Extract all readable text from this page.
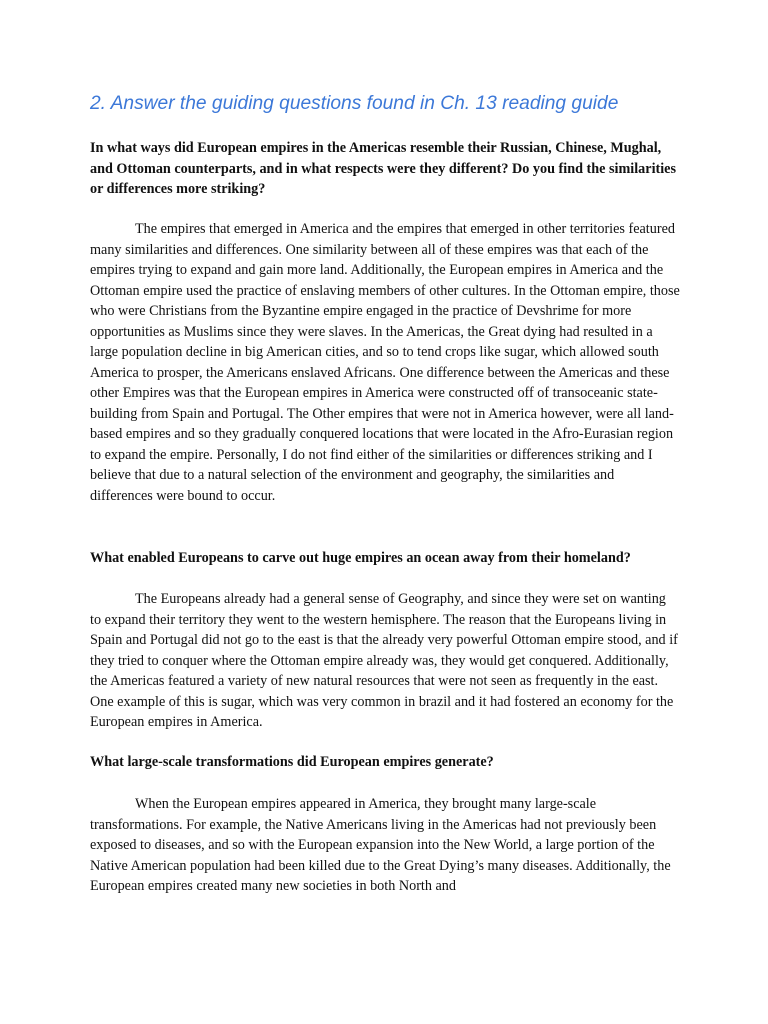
2. Answer the guiding questions found in Ch. 13 reading guide

In what ways did European empires in the Americas resemble their Russian, Chinese, Mughal, and Ottoman counterparts, and in what respects were they different? Do you find the similarities or differences more striking?

The empires that emerged in America and the empires that emerged in other territories featured many similarities and differences. One similarity between all of these empires was that each of the empires trying to expand and gain more land. Additionally, the European empires in America and the Ottoman empire used the practice of enslaving members of other cultures. In the Ottoman empire, those who were Christians from the Byzantine empire engaged in the practice of Devshrime for more opportunities as Muslims since they were slaves. In the Americas, the Great dying had resulted in a large population decline in big American cities, and so to tend crops like sugar, which allowed south America to prosper, the Americans enslaved Africans. One difference between the Americas and these other Empires was that the European empires in America were constructed off of transoceanic state-building from Spain and Portugal. The Other empires that were not in America however, were all land-based empires and so they gradually conquered locations that were located in the Afro-Eurasian region to expand the empire. Personally, I do not find either of the similarities or differences striking and I believe that due to a natural selection of the environment and geography, the similarities and differences were bound to occur.

What enabled Europeans to carve out huge empires an ocean away from their homeland?

The Europeans already had a general sense of Geography, and since they were set on wanting to expand their territory they went to the western hemisphere. The reason that the Europeans living in Spain and Portugal did not go to the east is that the already very powerful Ottoman empire stood, and if they tried to conquer where the Ottoman empire already was, they would get conquered. Additionally, the Americas featured a variety of new natural resources that were not seen as frequently in the east. One example of this is sugar, which was very common in brazil and it had fostered an economy for the European empires in America.

What large-scale transformations did European empires generate?

When the European empires appeared in America, they brought many large-scale transformations. For example, the Native Americans living in the Americas had not previously been exposed to diseases, and so with the European expansion into the New World, a large portion of the Native American population had been killed due to the Great Dying’s many diseases. Additionally, the European empires created many new societies in both North and
